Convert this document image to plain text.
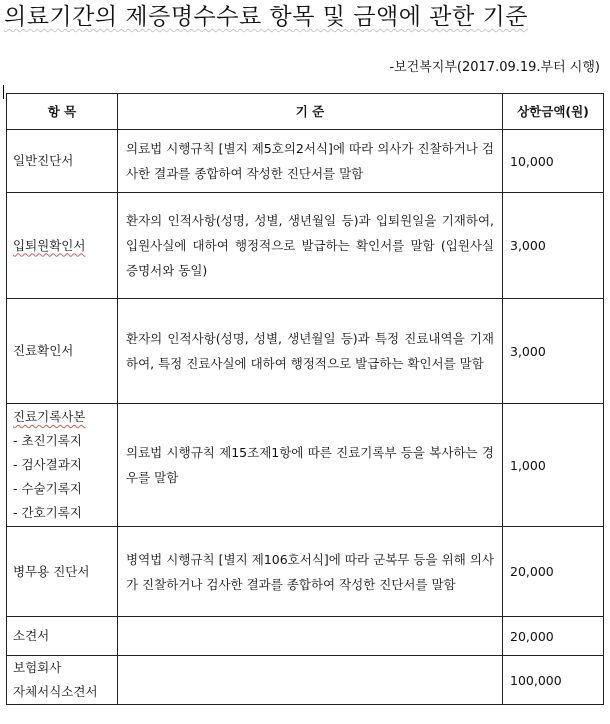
의료기간의 제증명수수료 항목 및 금액에 관한 기준
-보건복지부(2017.09.19.부터 시행)
항 목	기 준	상한금액(원)

일반진단서	의료법 시행규칙 [별지 제5호의2서식]에 따라 의사가 진찰하거나 검사한 결과를 종합하여 작성한 진단서를 말함	10,000

입퇴원확인서	환자의 인적사항(성명, 성별, 생년월일 등)과 입퇴원일을 기재하여, 입원사실에 대하여 행정적으로 발급하는 확인서를 말함 (입원사실 증명서와 동일)	3,000

진료확인서	환자의 인적사항(성명, 성별, 생년월일 등)과 특정 진료내역을 기재 하여, 특정 진료사실에 대하여 행정적으로 발급하는 확인서를 말함	3,000

진료기록사본
- 초진기록지
- 검사결과지
- 수술기록지
- 간호기록지	의료법 시행규칙 제15조제1항에 따른 진료기록부 등을 복사하는 경우를 말함	1,000

병무용 진단서	병역법 시행규칙 [별지 제106호서식]에 따라 군복무 등을 위해 의사가 진찰하거나 검사한 결과를 종합하여 작성한 진단서를 말함	20,000

소견서		20,000

보험회사
자체서식소견서		100,000
